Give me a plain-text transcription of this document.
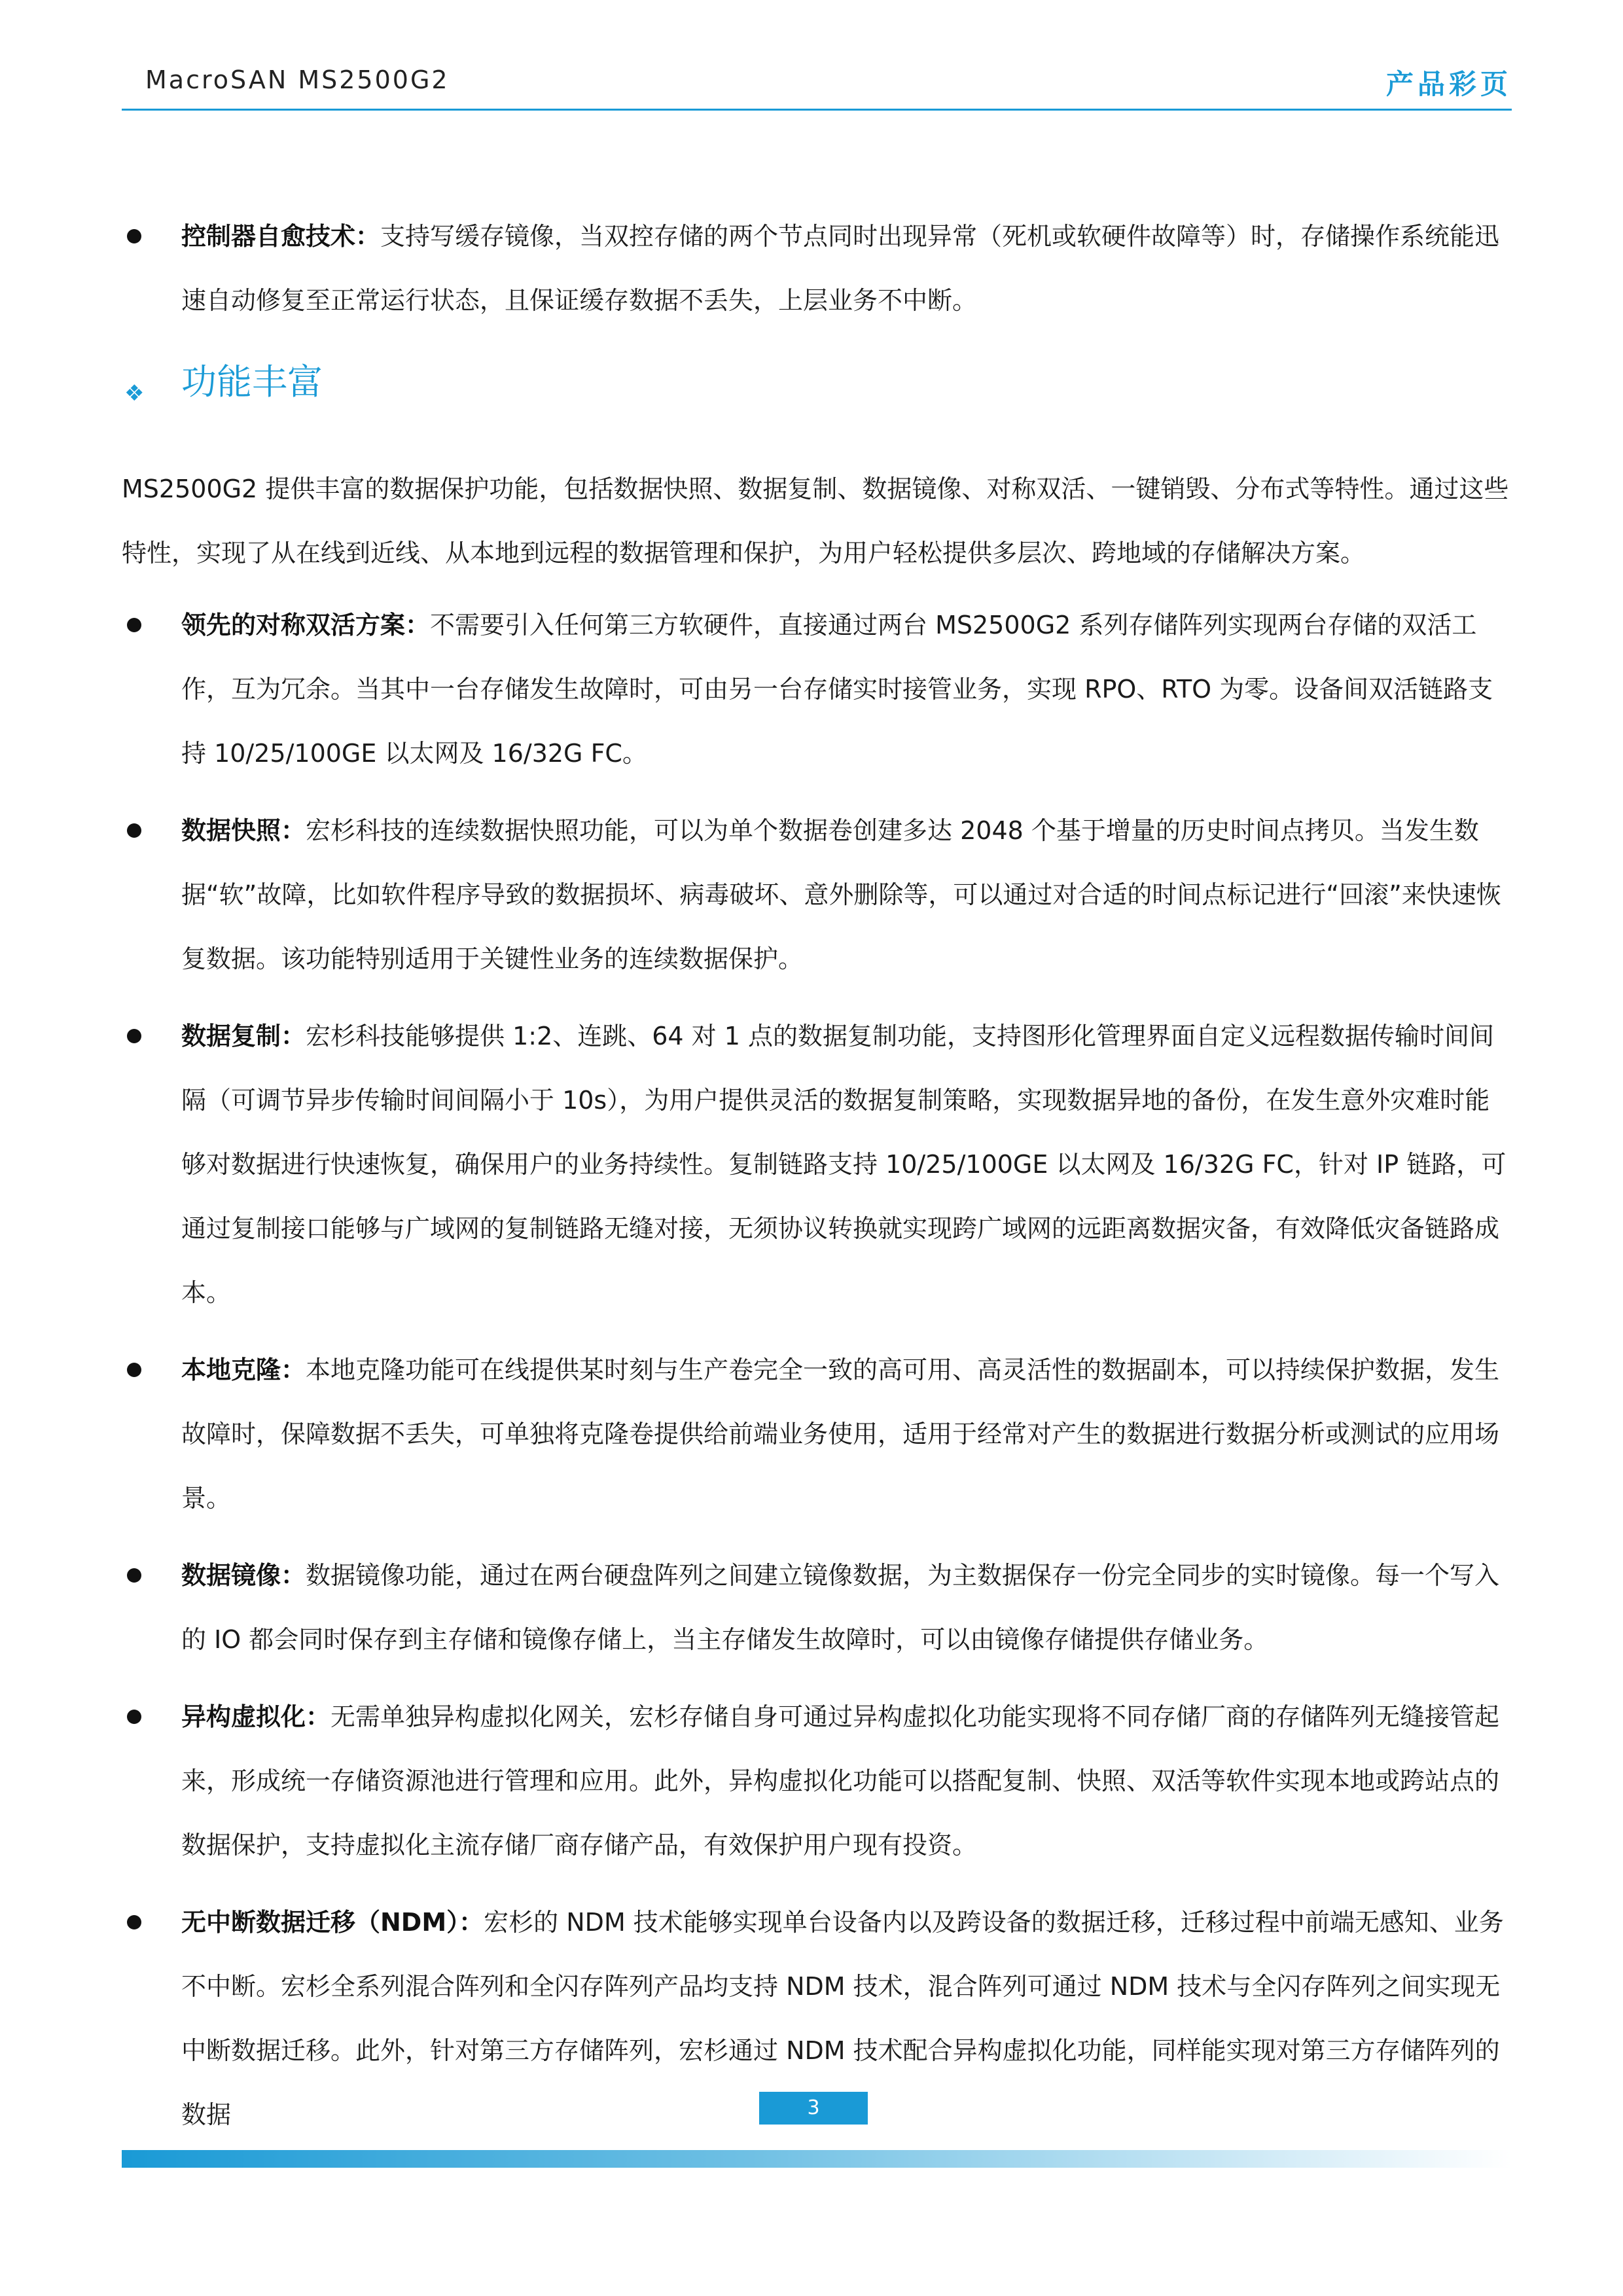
MacroSAN MS2500G2	产品彩页
控制器自愈技术：支持写缓存镜像，当双控存储的两个节点同时出现异常（死机或软硬件故障等）时，存储操作系统能迅速自动修复至正常运行状态，且保证缓存数据不丢失，上层业务不中断。
❖ 功能丰富
MS2500G2 提供丰富的数据保护功能，包括数据快照、数据复制、数据镜像、对称双活、一键销毁、分布式等特性。通过这些特性，实现了从在线到近线、从本地到远程的数据管理和保护，为用户轻松提供多层次、跨地域的存储解决方案。
领先的对称双活方案：不需要引入任何第三方软硬件，直接通过两台 MS2500G2 系列存储阵列实现两台存储的双活工作，互为冗余。当其中一台存储发生故障时，可由另一台存储实时接管业务，实现 RPO、RTO 为零。设备间双活链路支持 10/25/100GE 以太网及 16/32G FC。
数据快照：宏杉科技的连续数据快照功能，可以为单个数据卷创建多达 2048 个基于增量的历史时间点拷贝。当发生数据“软”故障，比如软件程序导致的数据损坏、病毒破坏、意外删除等，可以通过对合适的时间点标记进行“回滚”来快速恢复数据。该功能特别适用于关键性业务的连续数据保护。
数据复制：宏杉科技能够提供 1:2、连跳、64 对 1 点的数据复制功能，支持图形化管理界面自定义远程数据传输时间间隔（可调节异步传输时间间隔小于 10s），为用户提供灵活的数据复制策略，实现数据异地的备份，在发生意外灾难时能够对数据进行快速恢复，确保用户的业务持续性。复制链路支持 10/25/100GE 以太网及 16/32G FC，针对 IP 链路，可通过复制接口能够与广域网的复制链路无缝对接，无须协议转换就实现跨广域网的远距离数据灾备，有效降低灾备链路成本。
本地克隆：本地克隆功能可在线提供某时刻与生产卷完全一致的高可用、高灵活性的数据副本，可以持续保护数据，发生故障时，保障数据不丢失，可单独将克隆卷提供给前端业务使用，适用于经常对产生的数据进行数据分析或测试的应用场景。
数据镜像：数据镜像功能，通过在两台硬盘阵列之间建立镜像数据，为主数据保存一份完全同步的实时镜像。每一个写入的 IO 都会同时保存到主存储和镜像存储上，当主存储发生故障时，可以由镜像存储提供存储业务。
异构虚拟化：无需单独异构虚拟化网关，宏杉存储自身可通过异构虚拟化功能实现将不同存储厂商的存储阵列无缝接管起来，形成统一存储资源池进行管理和应用。此外，异构虚拟化功能可以搭配复制、快照、双活等软件实现本地或跨站点的数据保护，支持虚拟化主流存储厂商存储产品，有效保护用户现有投资。
无中断数据迁移（NDM）：宏杉的 NDM 技术能够实现单台设备内以及跨设备的数据迁移，迁移过程中前端无感知、业务不中断。宏杉全系列混合阵列和全闪存阵列产品均支持 NDM 技术，混合阵列可通过 NDM 技术与全闪存阵列之间实现无中断数据迁移。此外，针对第三方存储阵列，宏杉通过 NDM 技术配合异构虚拟化功能，同样能实现对第三方存储阵列的数据	3
